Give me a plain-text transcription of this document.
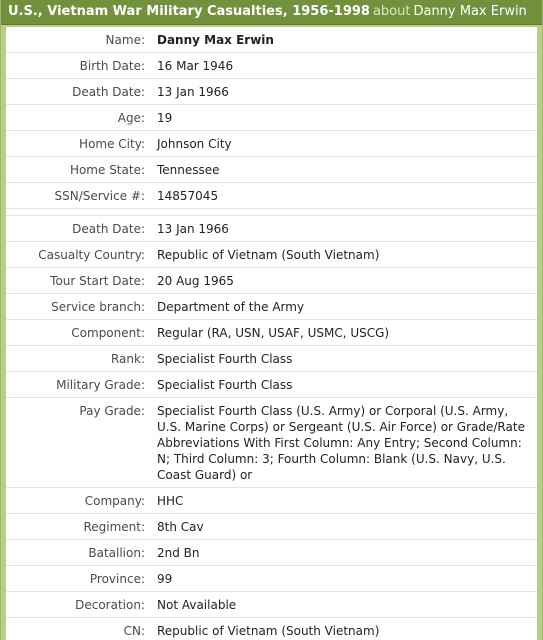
U.S., Vietnam War Military Casualties, 1956-1998 about Danny Max Erwin
Name:	Danny Max Erwin
Birth Date:	16 Mar 1946
Death Date:	13 Jan 1966
Age:	19
Home City:	Johnson City
Home State:	Tennessee
SSN/Service #:	14857045

Death Date:	13 Jan 1966
Casualty Country:	Republic of Vietnam (South Vietnam)
Tour Start Date:	20 Aug 1965
Service branch:	Department of the Army
Component:	Regular (RA, USN, USAF, USMC, USCG)
Rank:	Specialist Fourth Class
Military Grade:	Specialist Fourth Class
Pay Grade:	Specialist Fourth Class (U.S. Army) or Corporal (U.S. Army, U.S. Marine Corps) or Sergeant (U.S. Air Force) or Grade/Rate Abbreviations With First Column: Any Entry; Second Column: N; Third Column: 3; Fourth Column: Blank (U.S. Navy, U.S. Coast Guard) or
Company:	HHC
Regiment:	8th Cav
Batallion:	2nd Bn
Province:	99
Decoration:	Not Available
CN:	Republic of Vietnam (South Vietnam)
